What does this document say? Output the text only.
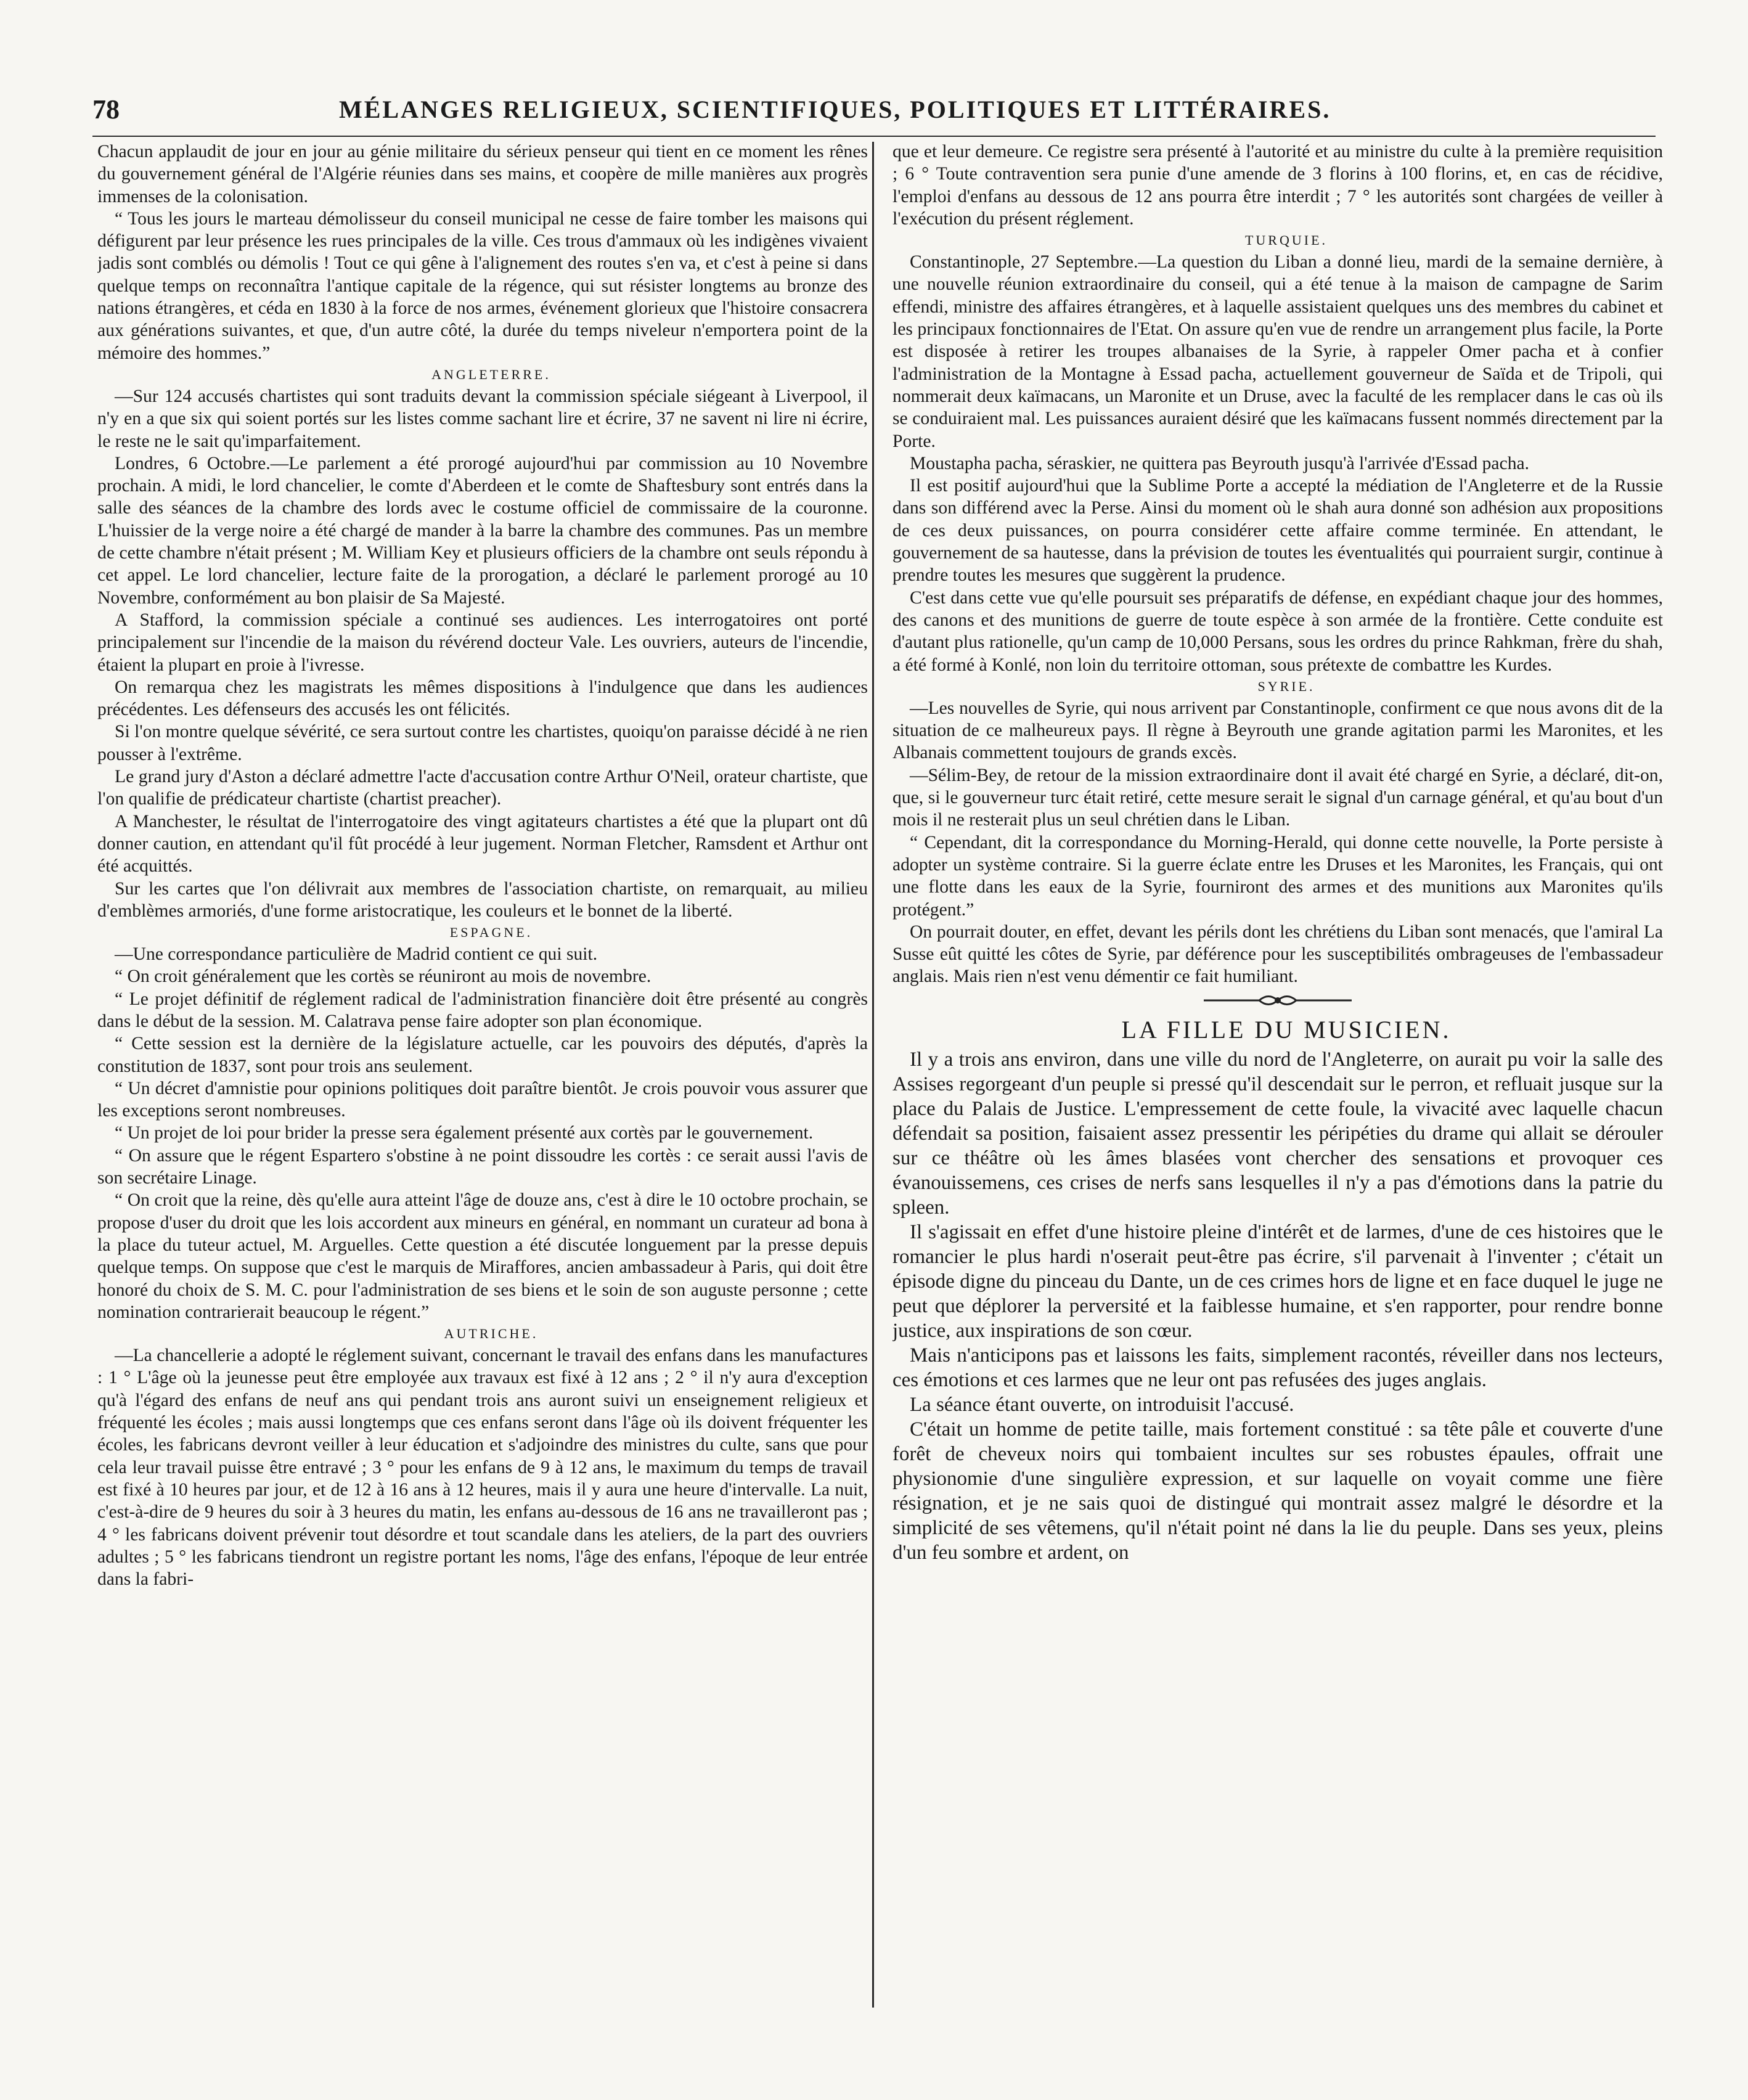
78	MÉLANGES RELIGIEUX, SCIENTIFIQUES, POLITIQUES ET LITTÉRAIRES.

Chacun applaudit de jour en jour au génie militaire du sérieux penseur qui tient en ce moment les rênes du gouvernement général de l'Algérie réunies dans ses mains, et coopère de mille manières aux progrès immenses de la colonisation.

“ Tous les jours le marteau démolisseur du conseil municipal ne cesse de faire tomber les maisons qui défigurent par leur présence les rues principales de la ville. Ces trous d'ammaux où les indigènes vivaient jadis sont comblés ou démolis ! Tout ce qui gêne à l'alignement des routes s'en va, et c'est à peine si dans quelque temps on reconnaîtra l'antique capitale de la régence, qui sut résister longtems au bronze des nations étrangères, et céda en 1830 à la force de nos armes, événement glorieux que l'histoire consacrera aux générations suivantes, et que, d'un autre côté, la durée du temps niveleur n'emportera point de la mémoire des hommes.”

ANGLETERRE.

—Sur 124 accusés chartistes qui sont traduits devant la commission spéciale siégeant à Liverpool, il n'y en a que six qui soient portés sur les listes comme sachant lire et écrire, 37 ne savent ni lire ni écrire, le reste ne le sait qu'imparfaitement.

Londres, 6 Octobre.—Le parlement a été prorogé aujourd'hui par commission au 10 Novembre prochain. A midi, le lord chancelier, le comte d'Aberdeen et le comte de Shaftesbury sont entrés dans la salle des séances de la chambre des lords avec le costume officiel de commissaire de la couronne. L'huissier de la verge noire a été chargé de mander à la barre la chambre des communes. Pas un membre de cette chambre n'était présent ; M. William Key et plusieurs officiers de la chambre ont seuls répondu à cet appel. Le lord chancelier, lecture faite de la prorogation, a déclaré le parlement prorogé au 10 Novembre, conformément au bon plaisir de Sa Majesté.

A Stafford, la commission spéciale a continué ses audiences. Les interrogatoires ont porté principalement sur l'incendie de la maison du révérend docteur Vale. Les ouvriers, auteurs de l'incendie, étaient la plupart en proie à l'ivresse.

On remarqua chez les magistrats les mêmes dispositions à l'indulgence que dans les audiences précédentes. Les défenseurs des accusés les ont félicités.

Si l'on montre quelque sévérité, ce sera surtout contre les chartistes, quoiqu'on paraisse décidé à ne rien pousser à l'extrême.

Le grand jury d'Aston a déclaré admettre l'acte d'accusation contre Arthur O'Neil, orateur chartiste, que l'on qualifie de prédicateur chartiste (chartist preacher).

A Manchester, le résultat de l'interrogatoire des vingt agitateurs chartistes a été que la plupart ont dû donner caution, en attendant qu'il fût procédé à leur jugement. Norman Fletcher, Ramsdent et Arthur ont été acquittés.

Sur les cartes que l'on délivrait aux membres de l'association chartiste, on remarquait, au milieu d'emblèmes armoriés, d'une forme aristocratique, les couleurs et le bonnet de la liberté.

ESPAGNE.

—Une correspondance particulière de Madrid contient ce qui suit.

“ On croit généralement que les cortès se réuniront au mois de novembre.

“ Le projet définitif de réglement radical de l'administration financière doit être présenté au congrès dans le début de la session. M. Calatrava pense faire adopter son plan économique.

“ Cette session est la dernière de la législature actuelle, car les pouvoirs des députés, d'après la constitution de 1837, sont pour trois ans seulement.

“ Un décret d'amnistie pour opinions politiques doit paraître bientôt. Je crois pouvoir vous assurer que les exceptions seront nombreuses.

“ Un projet de loi pour brider la presse sera également présenté aux cortès par le gouvernement.

“ On assure que le régent Espartero s'obstine à ne point dissoudre les cortès : ce serait aussi l'avis de son secrétaire Linage.

“ On croit que la reine, dès qu'elle aura atteint l'âge de douze ans, c'est à dire le 10 octobre prochain, se propose d'user du droit que les lois accordent aux mineurs en général, en nommant un curateur ad bona à la place du tuteur actuel, M. Arguelles. Cette question a été discutée longuement par la presse depuis quelque temps. On suppose que c'est le marquis de Miraffores, ancien ambassadeur à Paris, qui doit être honoré du choix de S. M. C. pour l'administration de ses biens et le soin de son auguste personne ; cette nomination contrarierait beaucoup le régent.”

AUTRICHE.

—La chancellerie a adopté le réglement suivant, concernant le travail des enfans dans les manufactures : 1 ° L'âge où la jeunesse peut être employée aux travaux est fixé à 12 ans ; 2 ° il n'y aura d'exception qu'à l'égard des enfans de neuf ans qui pendant trois ans auront suivi un enseignement religieux et fréquenté les écoles ; mais aussi longtemps que ces enfans seront dans l'âge où ils doivent fréquenter les écoles, les fabricans devront veiller à leur éducation et s'adjoindre des ministres du culte, sans que pour cela leur travail puisse être entravé ; 3 ° pour les enfans de 9 à 12 ans, le maximum du temps de travail est fixé à 10 heures par jour, et de 12 à 16 ans à 12 heures, mais il y aura une heure d'intervalle. La nuit, c'est-à-dire de 9 heures du soir à 3 heures du matin, les enfans au-dessous de 16 ans ne travailleront pas ; 4 ° les fabricans doivent prévenir tout désordre et tout scandale dans les ateliers, de la part des ouvriers adultes ; 5 ° les fabricans tiendront un registre portant les noms, l'âge des enfans, l'époque de leur entrée dans la fabri-

que et leur demeure. Ce registre sera présenté à l'autorité et au ministre du culte à la première requisition ; 6 ° Toute contravention sera punie d'une amende de 3 florins à 100 florins, et, en cas de récidive, l'emploi d'enfans au dessous de 12 ans pourra être interdit ; 7 ° les autorités sont chargées de veiller à l'exécution du présent réglement.

TURQUIE.

Constantinople, 27 Septembre.—La question du Liban a donné lieu, mardi de la semaine dernière, à une nouvelle réunion extraordinaire du conseil, qui a été tenue à la maison de campagne de Sarim effendi, ministre des affaires étrangères, et à laquelle assistaient quelques uns des membres du cabinet et les principaux fonctionnaires de l'Etat. On assure qu'en vue de rendre un arrangement plus facile, la Porte est disposée à retirer les troupes albanaises de la Syrie, à rappeler Omer pacha et à confier l'administration de la Montagne à Essad pacha, actuellement gouverneur de Saïda et de Tripoli, qui nommerait deux kaïmacans, un Maronite et un Druse, avec la faculté de les remplacer dans le cas où ils se conduiraient mal. Les puissances auraient désiré que les kaïmacans fussent nommés directement par la Porte.

Moustapha pacha, séraskier, ne quittera pas Beyrouth jusqu'à l'arrivée d'Essad pacha.

Il est positif aujourd'hui que la Sublime Porte a accepté la médiation de l'Angleterre et de la Russie dans son différend avec la Perse. Ainsi du moment où le shah aura donné son adhésion aux propositions de ces deux puissances, on pourra considérer cette affaire comme terminée. En attendant, le gouvernement de sa hautesse, dans la prévision de toutes les éventualités qui pourraient surgir, continue à prendre toutes les mesures que suggèrent la prudence.

C'est dans cette vue qu'elle poursuit ses préparatifs de défense, en expédiant chaque jour des hommes, des canons et des munitions de guerre de toute espèce à son armée de la frontière. Cette conduite est d'autant plus rationelle, qu'un camp de 10,000 Persans, sous les ordres du prince Rahkman, frère du shah, a été formé à Konlé, non loin du territoire ottoman, sous prétexte de combattre les Kurdes.

SYRIE.

—Les nouvelles de Syrie, qui nous arrivent par Constantinople, confirment ce que nous avons dit de la situation de ce malheureux pays. Il règne à Beyrouth une grande agitation parmi les Maronites, et les Albanais commettent toujours de grands excès.

—Sélim-Bey, de retour de la mission extraordinaire dont il avait été chargé en Syrie, a déclaré, dit-on, que, si le gouverneur turc était retiré, cette mesure serait le signal d'un carnage général, et qu'au bout d'un mois il ne resterait plus un seul chrétien dans le Liban.

“ Cependant, dit la correspondance du Morning-Herald, qui donne cette nouvelle, la Porte persiste à adopter un système contraire. Si la guerre éclate entre les Druses et les Maronites, les Français, qui ont une flotte dans les eaux de la Syrie, fourniront des armes et des munitions aux Maronites qu'ils protégent.”

On pourrait douter, en effet, devant les périls dont les chrétiens du Liban sont menacés, que l'amiral La Susse eût quitté les côtes de Syrie, par déférence pour les susceptibilités ombrageuses de l'embassadeur anglais. Mais rien n'est venu démentir ce fait humiliant.

LA FILLE DU MUSICIEN.

Il y a trois ans environ, dans une ville du nord de l'Angleterre, on aurait pu voir la salle des Assises regorgeant d'un peuple si pressé qu'il descendait sur le perron, et refluait jusque sur la place du Palais de Justice. L'empressement de cette foule, la vivacité avec laquelle chacun défendait sa position, faisaient assez pressentir les péripéties du drame qui allait se dérouler sur ce théâtre où les âmes blasées vont chercher des sensations et provoquer ces évanouissemens, ces crises de nerfs sans lesquelles il n'y a pas d'émotions dans la patrie du spleen.

Il s'agissait en effet d'une histoire pleine d'intérêt et de larmes, d'une de ces histoires que le romancier le plus hardi n'oserait peut-être pas écrire, s'il parvenait à l'inventer ; c'était un épisode digne du pinceau du Dante, un de ces crimes hors de ligne et en face duquel le juge ne peut que déplorer la perversité et la faiblesse humaine, et s'en rapporter, pour rendre bonne justice, aux inspirations de son cœur.

Mais n'anticipons pas et laissons les faits, simplement racontés, réveiller dans nos lecteurs, ces émotions et ces larmes que ne leur ont pas refusées des juges anglais.

La séance étant ouverte, on introduisit l'accusé.

C'était un homme de petite taille, mais fortement constitué : sa tête pâle et couverte d'une forêt de cheveux noirs qui tombaient incultes sur ses robustes épaules, offrait une physionomie d'une singulière expression, et sur laquelle on voyait comme une fière résignation, et je ne sais quoi de distingué qui montrait assez malgré le désordre et la simplicité de ses vêtemens, qu'il n'était point né dans la lie du peuple. Dans ses yeux, pleins d'un feu sombre et ardent, on
